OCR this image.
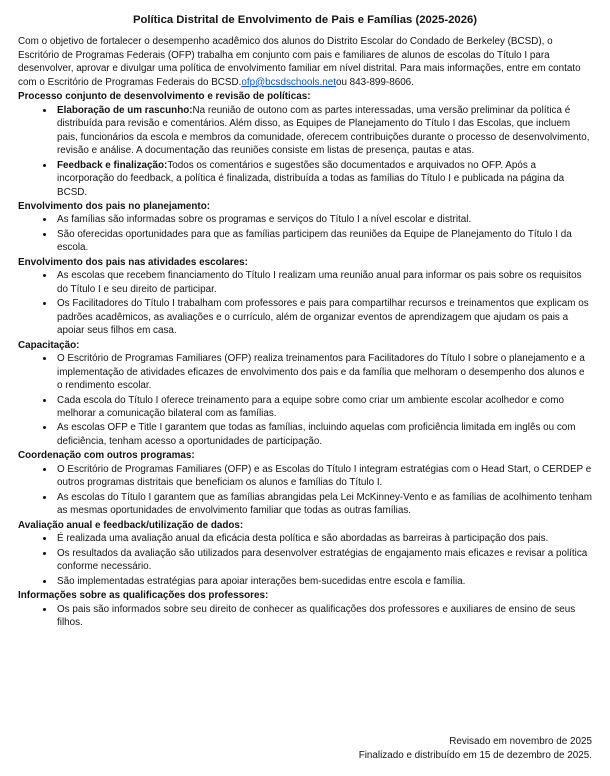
Política Distrital de Envolvimento de Pais e Famílias (2025-2026)

Com o objetivo de fortalecer o desempenho acadêmico dos alunos do Distrito Escolar do Condado de Berkeley (BCSD), o Escritório de Programas Federais (OFP) trabalha em conjunto com pais e familiares de alunos de escolas do Título I para desenvolver, aprovar e divulgar uma política de envolvimento familiar em nível distrital. Para mais informações, entre em contato com o Escritório de Programas Federais do BCSD.ofp@bcsdschools.netou 843-899-8606.

Processo conjunto de desenvolvimento e revisão de políticas:
• Elaboração de um rascunho:Na reunião de outono com as partes interessadas, uma versão preliminar da política é distribuída para revisão e comentários. Além disso, as Equipes de Planejamento do Título I das Escolas, que incluem pais, funcionários da escola e membros da comunidade, oferecem contribuições durante o processo de desenvolvimento, revisão e análise. A documentação das reuniões consiste em listas de presença, pautas e atas.
• Feedback e finalização:Todos os comentários e sugestões são documentados e arquivados no OFP. Após a incorporação do feedback, a política é finalizada, distribuída a todas as famílias do Título I e publicada na página da BCSD.
Envolvimento dos pais no planejamento:
• As famílias são informadas sobre os programas e serviços do Título I a nível escolar e distrital.
• São oferecidas oportunidades para que as famílias participem das reuniões da Equipe de Planejamento do Título I da escola.
Envolvimento dos pais nas atividades escolares:
• As escolas que recebem financiamento do Título I realizam uma reunião anual para informar os pais sobre os requisitos do Título I e seu direito de participar.
• Os Facilitadores do Título I trabalham com professores e pais para compartilhar recursos e treinamentos que explicam os padrões acadêmicos, as avaliações e o currículo, além de organizar eventos de aprendizagem que ajudam os pais a apoiar seus filhos em casa.
Capacitação:
• O Escritório de Programas Familiares (OFP) realiza treinamentos para Facilitadores do Título I sobre o planejamento e a implementação de atividades eficazes de envolvimento dos pais e da família que melhoram o desempenho dos alunos e o rendimento escolar.
• Cada escola do Título I oferece treinamento para a equipe sobre como criar um ambiente escolar acolhedor e como melhorar a comunicação bilateral com as famílias.
• As escolas OFP e Title I garantem que todas as famílias, incluindo aquelas com proficiência limitada em inglês ou com deficiência, tenham acesso a oportunidades de participação.
Coordenação com outros programas:
• O Escritório de Programas Familiares (OFP) e as Escolas do Título I integram estratégias com o Head Start, o CERDEP e outros programas distritais que beneficiam os alunos e famílias do Título I.
• As escolas do Título I garantem que as famílias abrangidas pela Lei McKinney-Vento e as famílias de acolhimento tenham as mesmas oportunidades de envolvimento familiar que todas as outras famílias.
Avaliação anual e feedback/utilização de dados:
• É realizada uma avaliação anual da eficácia desta política e são abordadas as barreiras à participação dos pais.
• Os resultados da avaliação são utilizados para desenvolver estratégias de engajamento mais eficazes e revisar a política conforme necessário.
• São implementadas estratégias para apoiar interações bem-sucedidas entre escola e família.
Informações sobre as qualificações dos professores:
• Os pais são informados sobre seu direito de conhecer as qualificações dos professores e auxiliares de ensino de seus filhos.
Revisado em novembro de 2025
Finalizado e distribuído em 15 de dezembro de 2025.
